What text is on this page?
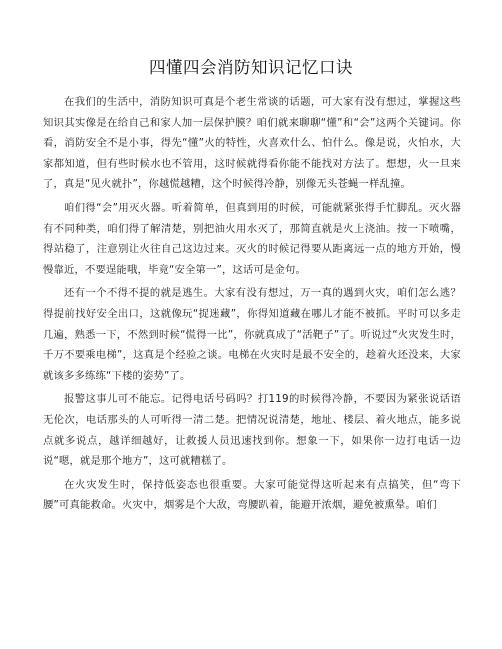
四懂四会消防知识记忆口诀

在我们的生活中，消防知识可真是个老生常谈的话题，可大家有没有想过，掌握这些知识其实像是在给自己和家人加一层保护膜？咱们就来聊聊“懂”和“会”这两个关键词。你看，消防安全不是小事，得先“懂”火的特性，火喜欢什么、怕什么。像是说，火怕水，大家都知道，但有些时候水也不管用，这时候就得看你能不能找对方法了。想想，火一旦来了，真是“见火就扑”，你越慌越糟，这个时候得冷静，别像无头苍蝇一样乱撞。

咱们得“会”用灭火器。听着简单，但真到用的时候，可能就紧张得手忙脚乱。灭火器有不同种类，咱们得了解清楚，别把油火用水灭了，那简直就是火上浇油。按一下喷嘴，得站稳了，注意别让火往自己这边过来。灭火的时候记得要从距离远一点的地方开始，慢慢靠近，不要逞能哦，毕竟“安全第一”，这话可是金句。

还有一个不得不提的就是逃生。大家有没有想过，万一真的遇到火灾，咱们怎么逃？得提前找好安全出口，这就像玩“捉迷藏”，你得知道藏在哪儿才能不被抓。平时可以多走几遍，熟悉一下，不然到时候“慌得一比”，你就真成了“活靶子”了。听说过“火灾发生时，千万不要乘电梯”，这真是个经验之谈。电梯在火灾时是最不安全的，趁着火还没来，大家就该多多练练“下楼的姿势”了。

报警这事儿可不能忘。记得电话号码吗？打119的时候得冷静，不要因为紧张说话语无伦次，电话那头的人可听得一清二楚。把情况说清楚，地址、楼层、着火地点，能多说点就多说点，越详细越好，让救援人员迅速找到你。想象一下，如果你一边打电话一边说“嗯，就是那个地方”，这可就糟糕了。

在火灾发生时，保持低姿态也很重要。大家可能觉得这听起来有点搞笑，但“弯下腰”可真能救命。火灾中，烟雾是个大敌，弯腰趴着，能避开浓烟，避免被熏晕。咱们
